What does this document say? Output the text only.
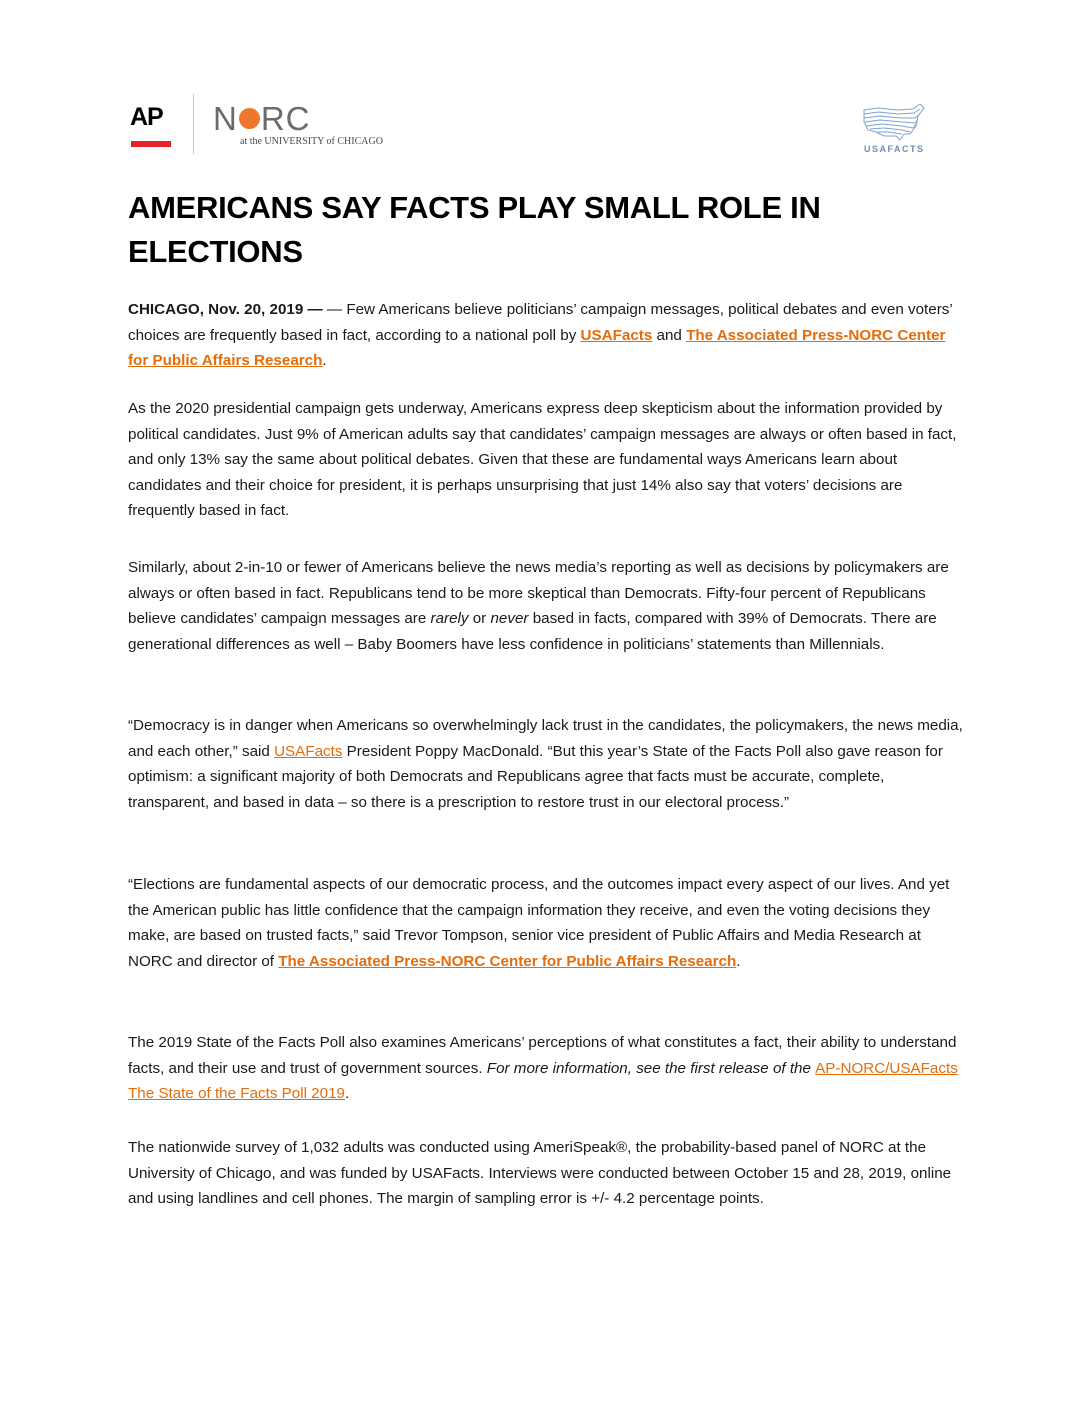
AP N RC
at the UNIVERSITY of CHICAGO
USAFACTS
AMERICANS SAY FACTS PLAY SMALL ROLE IN ELECTIONS

CHICAGO, Nov. 20, 2019 — — Few Americans believe politicians’ campaign messages, political debates and even voters’ choices are frequently based in fact, according to a national poll by USAFacts and The Associated Press-NORC Center for Public Affairs Research.

As the 2020 presidential campaign gets underway, Americans express deep skepticism about the information provided by political candidates. Just 9% of American adults say that candidates’ campaign messages are always or often based in fact, and only 13% say the same about political debates. Given that these are fundamental ways Americans learn about candidates and their choice for president, it is perhaps unsurprising that just 14% also say that voters’ decisions are frequently based in fact.

Similarly, about 2-in-10 or fewer of Americans believe the news media’s reporting as well as decisions by policymakers are always or often based in fact. Republicans tend to be more skeptical than Democrats. Fifty-four percent of Republicans believe candidates’ campaign messages are rarely or never based in facts, compared with 39% of Democrats. There are generational differences as well – Baby Boomers have less confidence in politicians’ statements than Millennials.

“Democracy is in danger when Americans so overwhelmingly lack trust in the candidates, the policymakers, the news media, and each other,” said USAFacts President Poppy MacDonald. “But this year’s State of the Facts Poll also gave reason for optimism: a significant majority of both Democrats and Republicans agree that facts must be accurate, complete, transparent, and based in data – so there is a prescription to restore trust in our electoral process.”

“Elections are fundamental aspects of our democratic process, and the outcomes impact every aspect of our lives. And yet the American public has little confidence that the campaign information they receive, and even the voting decisions they make, are based on trusted facts,” said Trevor Tompson, senior vice president of Public Affairs and Media Research at NORC and director of The Associated Press-NORC Center for Public Affairs Research.

The 2019 State of the Facts Poll also examines Americans’ perceptions of what constitutes a fact, their ability to understand facts, and their use and trust of government sources. For more information, see the first release of the AP-NORC/USAFacts The State of the Facts Poll 2019.

The nationwide survey of 1,032 adults was conducted using AmeriSpeak®, the probability-based panel of NORC at the University of Chicago, and was funded by USAFacts. Interviews were conducted between October 15 and 28, 2019, online and using landlines and cell phones. The margin of sampling error is +/- 4.2 percentage points.
